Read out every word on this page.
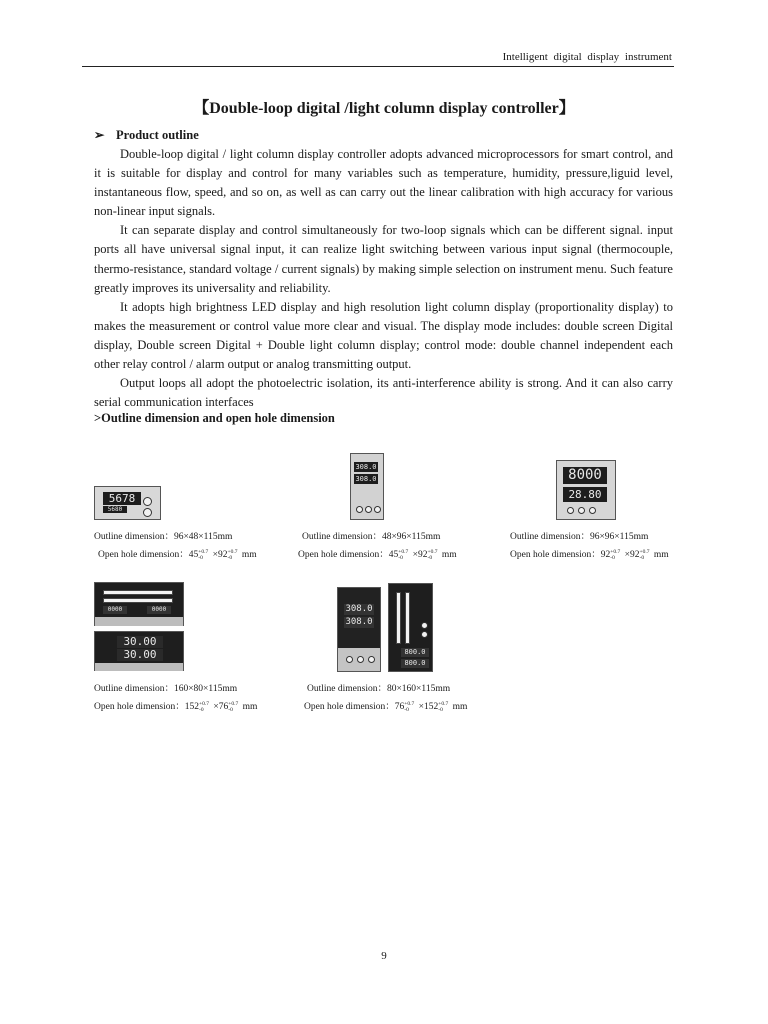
Intelligent digital display instrument
【Double-loop digital /light column display controller】
➢ Product outline

Double-loop digital / light column display controller adopts advanced microprocessors for smart control, and it is suitable for display and control for many variables such as temperature, humidity, pressure,liguid level, instantaneous flow, speed, and so on, as well as can carry out the linear calibration with high accuracy for various non-linear input signals.

It can separate display and control simultaneously for two-loop signals which can be different signal. input ports all have universal signal input, it can realize light switching between various input signal (thermocouple, thermo-resistance, standard voltage / current signals) by making simple selection on instrument menu. Such feature greatly improves its universality and reliability.

It adopts high brightness LED display and high resolution light column display (proportionality display) to makes the measurement or control value more clear and visual. The display mode includes: double screen Digital display, Double screen Digital + Double light column display; control mode: double channel independent each other relay control / alarm output or analog transmitting output.

Output loops all adopt the photoelectric isolation, its anti-interference ability is strong. And it can also carry serial communication interfaces

>Outline dimension and open hole dimension
5678
5680
Outline dimension：96×48×115mm
Open hole dimension：45 +0.7
-0 ×92 +0.7
-0	mm
308.0
308.0
Outline dimension：48×96×115mm
Open hole dimension：45 +0.7
-0 ×92 +0.7
-0	mm
8000
28.80
Outline dimension：96×96×115mm
Open hole dimension：92 +0.7
-0 ×92 +0.7
-0	mm
0000	0000
30.00
30.00
Outline dimension：160×80×115mm
Open hole dimension：152 +0.7
-0 ×76 +0.7
-0	mm
308.0
308.0
800.0
800.0
Outline dimension：80×160×115mm
Open hole dimension：76 +0.7
-0 ×152 +0.7
-0	mm
9
